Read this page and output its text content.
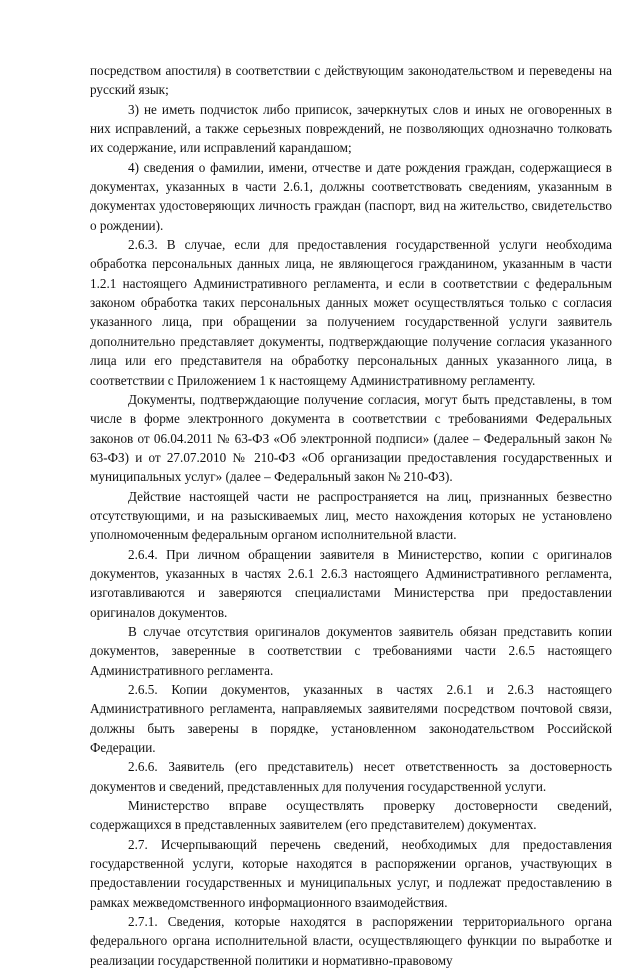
посредством апостиля) в соответствии с действующим законодательством и переведены на русский язык;

3) не иметь подчисток либо приписок, зачеркнутых слов и иных не оговоренных в них исправлений, а также серьезных повреждений, не позволяющих однозначно толковать их содержание, или исправлений карандашом;

4) сведения о фамилии, имени, отчестве и дате рождения граждан, содержащиеся в документах, указанных в части 2.6.1, должны соответствовать сведениям, указанным в документах удостоверяющих личность граждан (паспорт, вид на жительство, свидетельство о рождении).

2.6.3. В случае, если для предоставления государственной услуги необходима обработка персональных данных лица, не являющегося гражданином, указанным в части 1.2.1 настоящего Административного регламента, и если в соответствии с федеральным законом обработка таких персональных данных может осуществляться только с согласия указанного лица, при обращении за получением государственной услуги заявитель дополнительно представляет документы, подтверждающие получение согласия указанного лица или его представителя на обработку персональных данных указанного лица, в соответствии с Приложением 1 к настоящему Административному регламенту.

Документы, подтверждающие получение согласия, могут быть представлены, в том числе в форме электронного документа в соответствии с требованиями Федеральных законов от 06.04.2011 № 63-ФЗ «Об электронной подписи» (далее – Федеральный закон № 63-ФЗ) и от 27.07.2010 № 210-ФЗ «Об организации предоставления государственных и муниципальных услуг» (далее – Федеральный закон № 210-ФЗ).

Действие настоящей части не распространяется на лиц, признанных безвестно отсутствующими, и на разыскиваемых лиц, место нахождения которых не установлено уполномоченным федеральным органом исполнительной власти.

2.6.4. При личном обращении заявителя в Министерство, копии с оригиналов документов, указанных в частях 2.6.1 2.6.3 настоящего Административного регламента, изготавливаются и заверяются специалистами Министерства при предоставлении оригиналов документов.

В случае отсутствия оригиналов документов заявитель обязан представить копии документов, заверенные в соответствии с требованиями части 2.6.5 настоящего Административного регламента.

2.6.5. Копии документов, указанных в частях 2.6.1 и 2.6.3 настоящего Административного регламента, направляемых заявителями посредством почтовой связи, должны быть заверены в порядке, установленном законодательством Российской Федерации.

2.6.6. Заявитель (его представитель) несет ответственность за достоверность документов и сведений, представленных для получения государственной услуги.

Министерство вправе осуществлять проверку достоверности сведений, содержащихся в представленных заявителем (его представителем) документах.

2.7. Исчерпывающий перечень сведений, необходимых для предоставления государственной услуги, которые находятся в распоряжении органов, участвующих в предоставлении государственных и муниципальных услуг, и подлежат предоставлению в рамках межведомственного информационного взаимодействия.

2.7.1. Сведения, которые находятся в распоряжении территориального органа федерального органа исполнительной власти, осуществляющего функции по выработке и реализации государственной политики и нормативно-правовому
